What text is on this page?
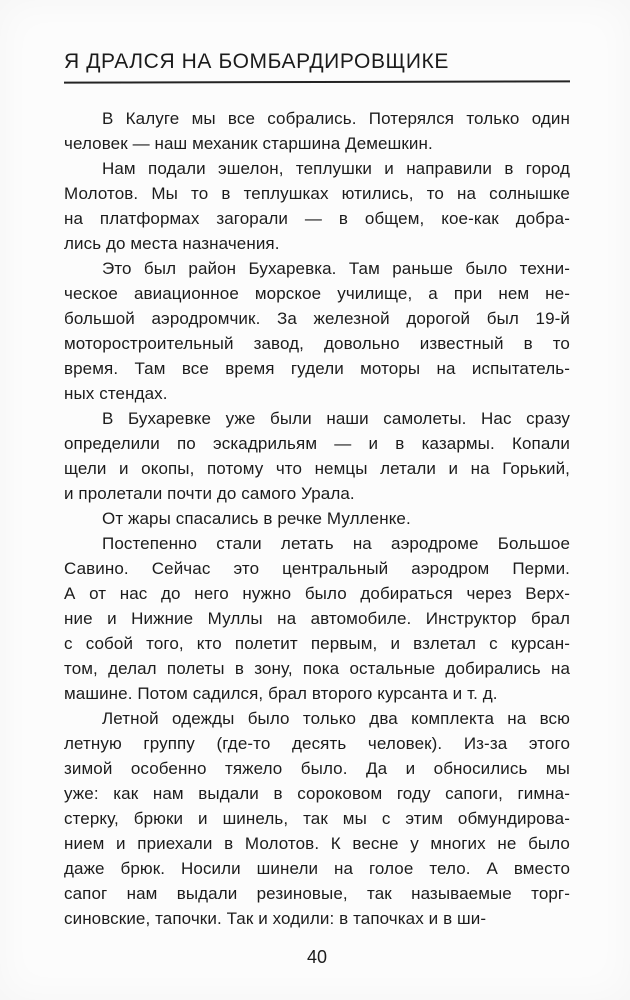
Я ДРАЛСЯ НА БОМБАРДИРОВЩИКЕ
В Калуге мы все собрались. Потерялся только один
человек — наш механик старшина Демешкин.
Нам подали эшелон, теплушки и направили в город
Молотов. Мы то в теплушках ютились, то на солнышке
на платформах загорали — в общем, кое-как добра-
лись до места назначения.
Это был район Бухаревка. Там раньше было техни-
ческое авиационное морское училище, а при нем не-
большой аэродромчик. За железной дорогой был 19-й
моторостроительный завод, довольно известный в то
время. Там все время гудели моторы на испытатель-
ных стендах.
В Бухаревке уже были наши самолеты. Нас сразу
определили по эскадрильям — и в казармы. Копали
щели и окопы, потому что немцы летали и на Горький,
и пролетали почти до самого Урала.
От жары спасались в речке Мулленке.
Постепенно стали летать на аэродроме Большое
Савино. Сейчас это центральный аэродром Перми.
А от нас до него нужно было добираться через Верх-
ние и Нижние Муллы на автомобиле. Инструктор брал
с собой того, кто полетит первым, и взлетал с курсан-
том, делал полеты в зону, пока остальные добирались на
машине. Потом садился, брал второго курсанта и т. д.
Летной одежды было только два комплекта на всю
летную группу (где-то десять человек). Из-за этого
зимой особенно тяжело было. Да и обносились мы
уже: как нам выдали в сороковом году сапоги, гимна-
стерку, брюки и шинель, так мы с этим обмундирова-
нием и приехали в Молотов. К весне у многих не было
даже брюк. Носили шинели на голое тело. А вместо
сапог нам выдали резиновые, так называемые торг-
синовские, тапочки. Так и ходили: в тапочках и в ши-
40
